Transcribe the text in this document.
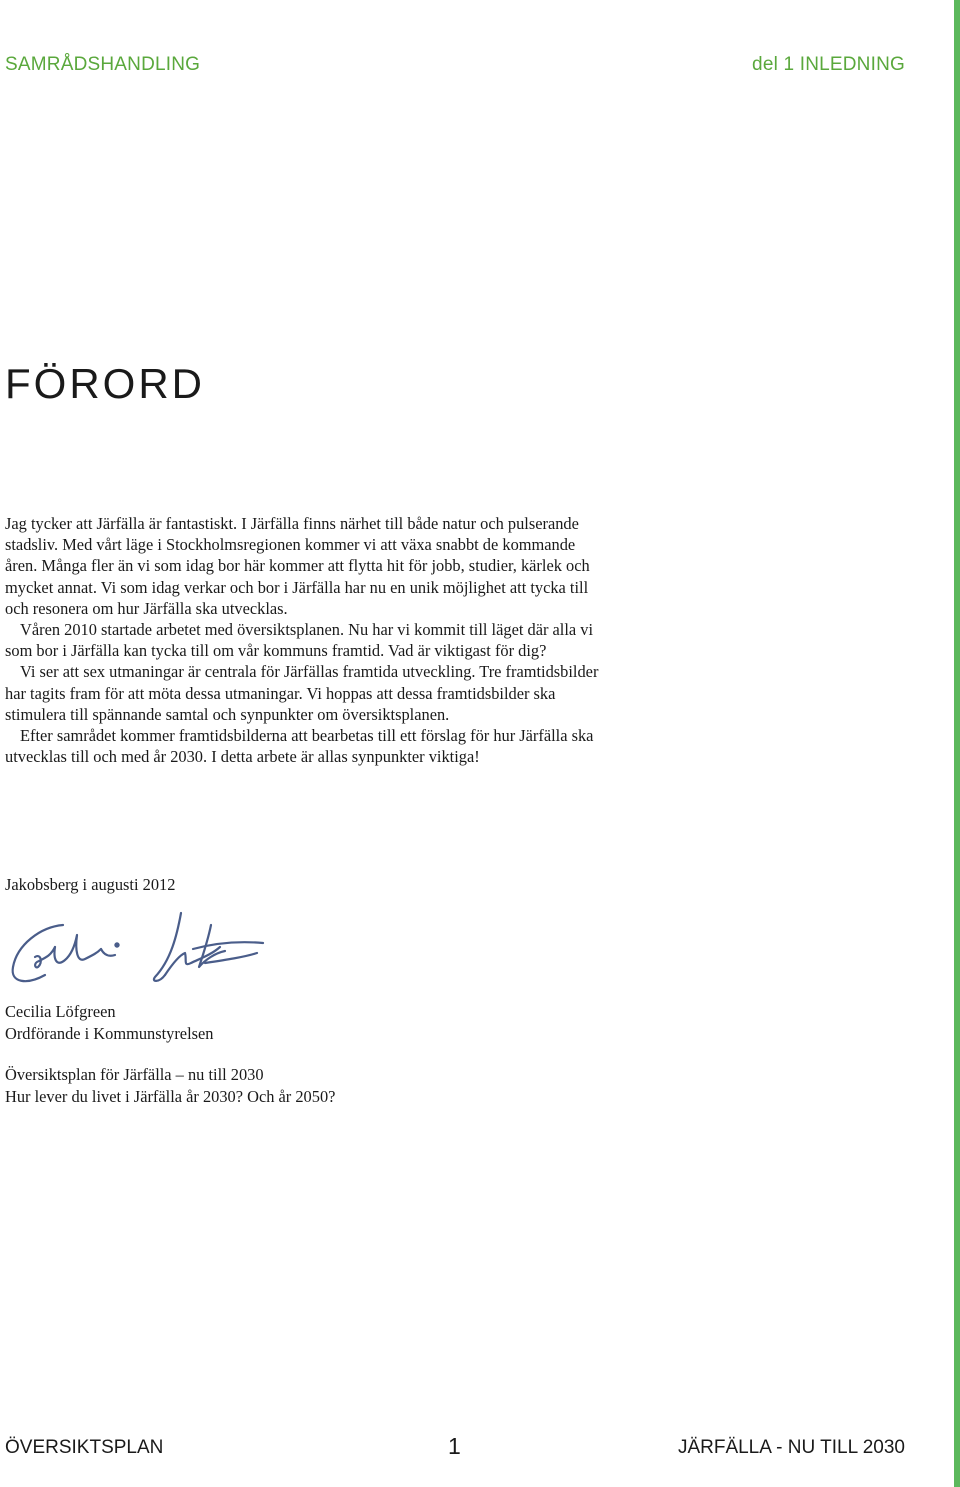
SAMRÅDSHANDLING	del 1 INLEDNING
FÖRORD

Jag tycker att Järfälla är fantastiskt. I Järfälla finns närhet till både natur och pulserande stadsliv. Med vårt läge i Stockholmsregionen kommer vi att växa snabbt de kommande åren. Många fler än vi som idag bor här kommer att flytta hit för jobb, studier, kärlek och mycket annat. Vi som idag verkar och bor i Järfälla har nu en unik möjlighet att tycka till och resonera om hur Järfälla ska utvecklas.

Våren 2010 startade arbetet med översiktsplanen. Nu har vi kommit till läget där alla vi som bor i Järfälla kan tycka till om vår kommuns framtid. Vad är viktigast för dig?

Vi ser att sex utmaningar är centrala för Järfällas framtida utveckling. Tre framtidsbilder har tagits fram för att möta dessa utmaningar. Vi hoppas att dessa framtidsbilder ska stimulera till spännande samtal och synpunkter om översiktsplanen.

Efter samrådet kommer framtidsbilderna att bearbetas till ett förslag för hur Järfälla ska utvecklas till och med år 2030. I detta arbete är allas synpunkter viktiga!

Jakobsberg i augusti 2012
Cecilia Löfgreen
Ordförande i Kommunstyrelsen
Översiktsplan för Järfälla – nu till 2030
Hur lever du livet i Järfälla år 2030? Och år 2050?
ÖVERSIKTSPLAN	1	JÄRFÄLLA - NU TILL 2030
